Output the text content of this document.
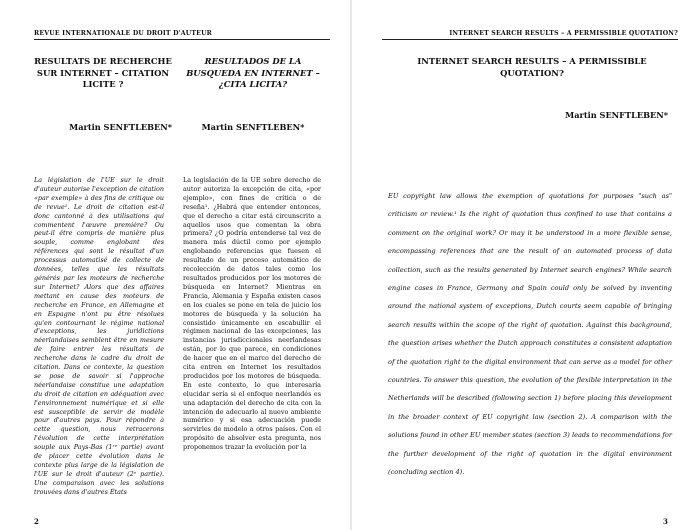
REVUE INTERNATIONALE DU DROIT D'AUTEUR
RESULTATS DE RECHERCHE SUR INTERNET – CITATION LICITE ?
RESULTADOS DE LA BUSQUEDA EN INTERNET – ¿CITA LICITA?
Martin SENFTLEBEN*	Martin SENFTLEBEN*

La législation de l'UE sur le droit d'auteur autorise l'exception de citation «par exemple» à des fins de critique ou de revue¹. Le droit de citation est-il donc cantonné à des utilisations qui commentent l'œuvre première? Ou peut-il être compris de manière plus souple, comme englobant des références qui sont le résultat d'un processus automatisé de collecte de données, telles que les résultats générés par les moteurs de recherche sur Internet? Alors que des affaires mettant en cause des moteurs de recherche en France, en Allemagne et en Espagne n'ont pu être résolues qu'en contournant le régime national d'exceptions, les juridictions néerlandaises semblent être en mesure de faire entrer les résultats de recherche dans le cadre du droit de citation. Dans ce contexte, la question se pose de savoir si l'approche néerlandaise constitue une adaptation du droit de citation en adéquation avec l'environnement numérique et si elle est susceptible de servir de modèle pour d'autres pays. Pour répondre à cette question, nous retracerons l'évolution de cette interprétation souple aux Pays-Bas (1ʳᵉ partie) avant de placer cette évolution dans le contexte plus large de la législation de l'UE sur le droit d'auteur (2ᵉ partie). Une comparaison avec les solutions trouvées dans d'autres États

La legislación de la UE sobre derecho de autor autoriza la excepción de cita, «por ejemplo», con fines de crítica o de reseña¹. ¿Habrá que entender entonces, que el derecho a citar está circunscrito a aquellos usos que comentan la obra primera? ¿O podría entenderse tal vez de manera más dúctil como por ejemplo englobando referencias que fuesen el resultado de un proceso automático de recolección de datos tales como los resultados producidos por los motores de búsqueda en Internet? Mientras en Francia, Alemania y España existen casos en los cuales se pone en tela de juicio los motores de búsqueda y la solución ha consistido únicamente en escabullir el régimen nacional de las excepciones, las instancias jurisdiccionales neerlandesas están, por lo que parece, en condiciones de hacer que en el marco del derecho de cita entren en Internet los resultados producidos por los motores de búsqueda. En este contexto, lo que interesaría elucidar sería si el enfoque neerlandés es una adaptación del derecho de cita con la intención de adecuarlo al nuevo ambiente numérico y si esa adecuación puede servirles de modelo a otros países. Con el propósito de absolver esta pregunta, nos proponemos trazar la evolución por la

2
INTERNET SEARCH RESULTS – A PERMISSIBLE QUOTATION?
INTERNET SEARCH RESULTS – A PERMISSIBLE QUOTATION?
Martin SENFTLEBEN*

EU copyright law allows the exemption of quotations for purposes "such as" criticism or review.¹ Is the right of quotation thus confined to use that contains a comment on the original work? Or may it be understood in a more flexible sense, encompassing references that are the result of an automated process of data collection, such as the results generated by Internet search engines? While search engine cases in France, Germany and Spain could only be solved by inventing around the national system of exceptions, Dutch courts seem capable of bringing search results within the scope of the right of quotation. Against this background, the question arises whether the Dutch approach constitutes a consistent adaptation of the quotation right to the digital environment that can serve as a model for other countries. To answer this question, the evolution of the flexible interpretation in the Netherlands will be described (following section 1) before placing this development in the broader context of EU copyright law (section 2). A comparison with the solutions found in other EU member states (section 3) leads to recommendations for the further development of the right of quotation in the digital environment (concluding section 4).

3
